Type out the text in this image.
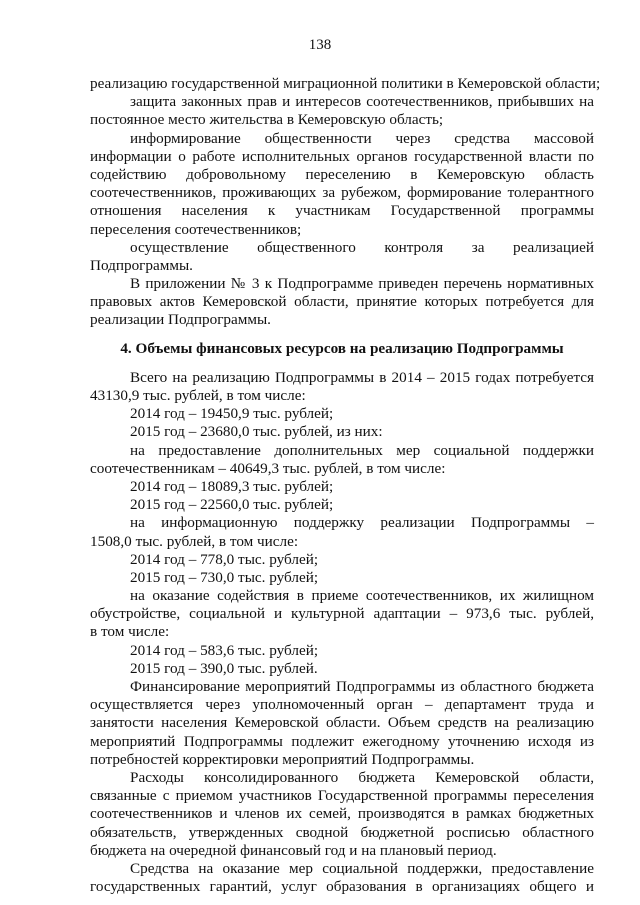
138
реализацию государственной миграционной политики в Кемеровской области;
защита законных прав и интересов соотечественников, прибывших на
постоянное место жительства в Кемеровскую область;
информирование общественности через средства массовой
информации о работе исполнительных органов государственной власти по
содействию добровольному переселению в Кемеровскую область
соотечественников, проживающих за рубежом, формирование толерантного
отношения населения к участникам Государственной программы
переселения соотечественников;
осуществление общественного контроля за реализацией
Подпрограммы.
В приложении № 3 к Подпрограмме приведен перечень нормативных
правовых актов Кемеровской области, принятие которых потребуется для
реализации Подпрограммы.
4. Объемы финансовых ресурсов на реализацию Подпрограммы
Всего на реализацию Подпрограммы в 2014 – 2015 годах потребуется
43130,9 тыс. рублей, в том числе:
2014 год – 19450,9 тыс. рублей;
2015 год – 23680,0 тыс. рублей, из них:
на предоставление дополнительных мер социальной поддержки
соотечественникам – 40649,3 тыс. рублей, в том числе:
2014 год – 18089,3 тыс. рублей;
2015 год – 22560,0 тыс. рублей;
на информационную поддержку реализации Подпрограммы –
1508,0 тыс. рублей, в том числе:
2014 год – 778,0 тыс. рублей;
2015 год – 730,0 тыс. рублей;
на оказание содействия в приеме соотечественников, их жилищном
обустройстве, социальной и культурной адаптации – 973,6 тыс. рублей,
в том числе:
2014 год – 583,6 тыс. рублей;
2015 год – 390,0 тыс. рублей.
Финансирование мероприятий Подпрограммы из областного бюджета
осуществляется через уполномоченный орган – департамент труда и
занятости населения Кемеровской области. Объем средств на реализацию
мероприятий Подпрограммы подлежит ежегодному уточнению исходя из
потребностей корректировки мероприятий Подпрограммы.
Расходы консолидированного бюджета Кемеровской области,
связанные с приемом участников Государственной программы переселения
соотечественников и членов их семей, производятся в рамках бюджетных
обязательств, утвержденных сводной бюджетной росписью областного
бюджета на очередной финансовый год и на плановый период.
Средства на оказание мер социальной поддержки, предоставление
государственных гарантий, услуг образования в организациях общего и
